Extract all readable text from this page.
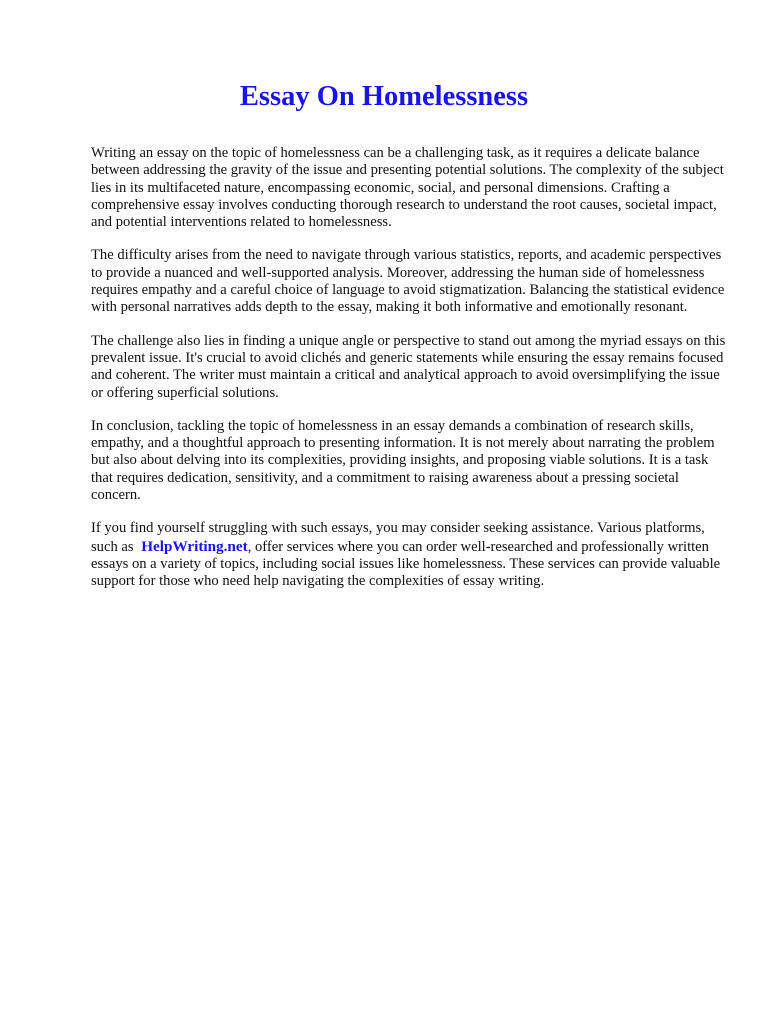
Essay On Homelessness

Writing an essay on the topic of homelessness can be a challenging task, as it requires a delicate balance between addressing the gravity of the issue and presenting potential solutions. The complexity of the subject lies in its multifaceted nature, encompassing economic, social, and personal dimensions. Crafting a comprehensive essay involves conducting thorough research to understand the root causes, societal impact, and potential interventions related to homelessness.

The difficulty arises from the need to navigate through various statistics, reports, and academic perspectives to provide a nuanced and well-supported analysis. Moreover, addressing the human side of homelessness requires empathy and a careful choice of language to avoid stigmatization. Balancing the statistical evidence with personal narratives adds depth to the essay, making it both informative and emotionally resonant.

The challenge also lies in finding a unique angle or perspective to stand out among the myriad essays on this prevalent issue. It's crucial to avoid clichés and generic statements while ensuring the essay remains focused and coherent. The writer must maintain a critical and analytical approach to avoid oversimplifying the issue or offering superficial solutions.

In conclusion, tackling the topic of homelessness in an essay demands a combination of research skills, empathy, and a thoughtful approach to presenting information. It is not merely about narrating the problem but also about delving into its complexities, providing insights, and proposing viable solutions. It is a task that requires dedication, sensitivity, and a commitment to raising awareness about a pressing societal concern.

If you find yourself struggling with such essays, you may consider seeking assistance. Various platforms, such as HelpWriting.net, offer services where you can order well-researched and professionally written essays on a variety of topics, including social issues like homelessness. These services can provide valuable support for those who need help navigating the complexities of essay writing.
